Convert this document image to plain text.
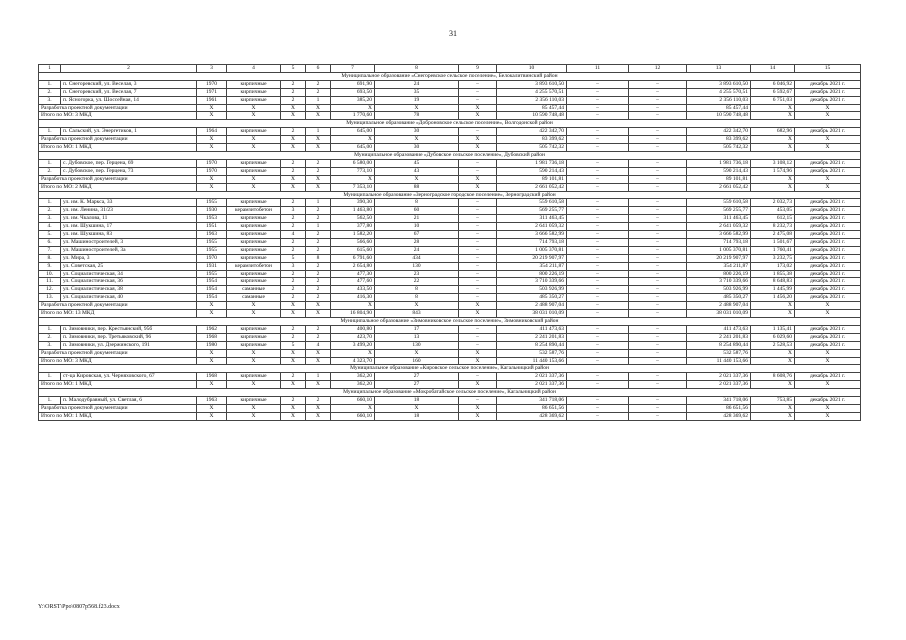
31
1	2	3	4	5	6	7	8	9	10	11	12	13	14	15
Муниципальное образование «Снегоревское сельское поселение», Белокалитвинский район														
1.	п. Снегоревский, ул. Веселая, 3	1970	кирпичные	2	2	691,90	24	–	3 893 610,50	–	–	3 893 610,50	6 046,92	декабрь 2021 г.
2.	п. Снегоревский, ул. Веселая, 7	1971	кирпичные	2	2	693,50	35	–	4 255 570,51	–	–	4 255 570,51	6 592,67	декабрь 2021 г.
3.	п. Ясногорка, ул. Шоссейная, 14	1961	кирпичные	2	1	385,20	19	–	2 356 110,03	–	–	2 356 110,03	6 751,03	декабрь 2021 г.
Разработка проектной документации		X	X	X	X	X	X	X	85 457,44	–	–	85 457,44	X	X
Итого по МО: 3 МКД		X	X	X	X	1 770,60	78	X	10 590 748,48	–	–	10 590 748,48	X	X
Муниципальное образование «Доброновское сельское поселение», Волгодонской район														
1.	п. Сальский, ул. Энергетиков, 1	1964	кирпичные	2	1	645,00	30	–	422 342,70	–	–	422 342,70	682,96	декабрь 2021 г.
Разработка проектной документации		X	X	X	X	X	X	X	83 399,62	–	–	83 399,62	X	X
Итого по МО: 1 МКД		X	X	X	X	645,00	30	X	505 742,32	–	–	505 742,32	X	X
Муниципальное образование «Дубовское сельское поселение», Дубовский район														
1.	с. Дубовское, пер. Герцена, 69	1970	кирпичные	2	2	6 580,00	45	–	1 981 736,18	–	–	1 981 736,18	3 108,12	декабрь 2021 г.
2.	с. Дубовское, пер. Герцена, 73	1970	кирпичные	2	2	773,10	43	–	590 214,43	–	–	590 214,43	1 574,96	декабрь 2021 г.
Разработка проектной документации		X	X	X	X	X	X	X	89 101,81	–	–	89 101,81	X	X
Итого по МО: 2 МКД		X	X	X	X	7 353,10	88	X	2 661 052,42	–	–	2 661 052,42	X	X
Муниципальное образование «Зерноградское городское поселение», Зерноградский район														
1.	ул. им. К. Маркса, 33	1955	кирпичные	2	1	390,30	8	–	559 610,58	–	–	559 610,58	2 032,73	декабрь 2021 г.
2.	ул. им. Ленина, 31/23	1930	керамзитобетон	3	2	1 463,80	60	–	569 255,77	–	–	569 255,77	453,05	декабрь 2021 г.
3.	ул. им. Чкалова, 11	1953	кирпичные	2	2	562,50	21	–	311 463,45	–	–	311 463,45	612,15	декабрь 2021 г.
4.	ул. им. Шукшина, 17	1951	кирпичные	2	1	377,80	10	–	2 641 059,32	–	–	2 641 059,32	8 232,73	декабрь 2021 г.
5.	ул. им. Шукшина, 83	1963	кирпичные	4	2	1 582,20	67	–	3 666 582,99	–	–	3 666 582,99	2 475,08	декабрь 2021 г.
6.	ул. Машиностроителей, 3	1955	кирпичные	2	2	566,60	28	–	714 793,18	–	–	714 793,18	1 501,67	декабрь 2021 г.
7.	ул. Машиностроителей, 3а	1955	кирпичные	2	2	615,60	24	–	1 005 370,81	–	–	1 005 370,81	1 760,41	декабрь 2021 г.
8.	ул. Мира, 3	1970	кирпичные	5	8	6 791,60	434	–	20 219 907,97	–	–	20 219 907,97	3 232,75	декабрь 2021 г.
9.	ул. Советская, 25	1931	керамзитобетон	3	2	2 654,80	130	–	354 211,87	–	–	354 211,87	173,02	декабрь 2021 г.
10.	ул. Социалистическая, 34	1955	кирпичные	2	2	477,30	23	–	800 226,19	–	–	800 226,19	1 855,38	декабрь 2021 г.
11.	ул. Социалистическая, 36	1954	кирпичные	2	2	477,60	22	–	3 710 339,66	–	–	3 710 339,66	8 648,83	декабрь 2021 г.
12.	ул. Социалистическая, 38	1954	саманные	2	2	433,50	8	–	503 926,99	–	–	503 926,99	1 445,99	декабрь 2021 г.
13.	ул. Социалистическая, 40	1954	саманные	2	2	416,30	8	–	485 350,27	–	–	485 350,27	1 456,20	декабрь 2021 г.
Разработка проектной документации		X	X	X	X	X	X	X	2 488 907,04	–	–	2 488 907,04	X	X
Итого по МО: 13 МКД		X	X	X	X	16 804,90	843	X	38 031 010,09	–	–	38 031 010,09	X	X
Муниципальное образование «Зимовниковское сельское поселение», Зимовниковский район														
1.	п. Зимовники, пер. Крестьянский, 95б	1962	кирпичные	2	2	400,80	17	–	411 473,63	–	–	411 473,63	1 135,41	декабрь 2021 г.
2.	п. Зимовники, пер. Третьяковский, 96	1968	кирпичные	2	2	423,70	13	–	2 241 201,83	–	–	2 241 201,83	6 029,60	декабрь 2021 г.
3.	п. Зимовники, ул. Дзержинского, 191	1980	кирпичные	5	4	3 499,20	130	–	8 254 890,44	–	–	8 254 890,44	2 528,53	декабрь 2021 г.
Разработка проектной документации		X	X	X	X	X	X	X	532 587,76	–	–	532 587,76	X	X
Итого по МО: 3 МКД		X	X	X	X	4 323,70	160	X	11 440 153,66	–	–	11 440 153,66	X	X
Муниципальное образование «Кировское сельское поселение», Кагальницкий район														
1.	ст-ца Кировская, ул. Черняховского, 67	1968	кирпичные	2	1	362,20	27	–	2 021 337,36	–	–	2 021 337,36	8 608,76	декабрь 2021 г.
Итого по МО: 1 МКД		X	X	X	X	362,20	27	X	2 021 337,36	–	–	2 021 337,36	X	X
Муниципальное образование «Мокробатайское сельское поселение», Кагальницкий район														
1.	п. Малодубравный, ул. Светлая, 6	1963	кирпичные	2	2	660,10	18	–	341 718,06	–	–	341 718,06	753,85	декабрь 2021 г.
Разработка проектной документации		X	X	X	X	X	X	X	86 651,56	–	–	86 651,56	X	X
Итого по МО: 1 МКД		X	X	X	X	660,10	18	X	428 369,62	–	–	428 369,62	X	X
Y:\ORST\Ppo\0807p568.f23.docx
